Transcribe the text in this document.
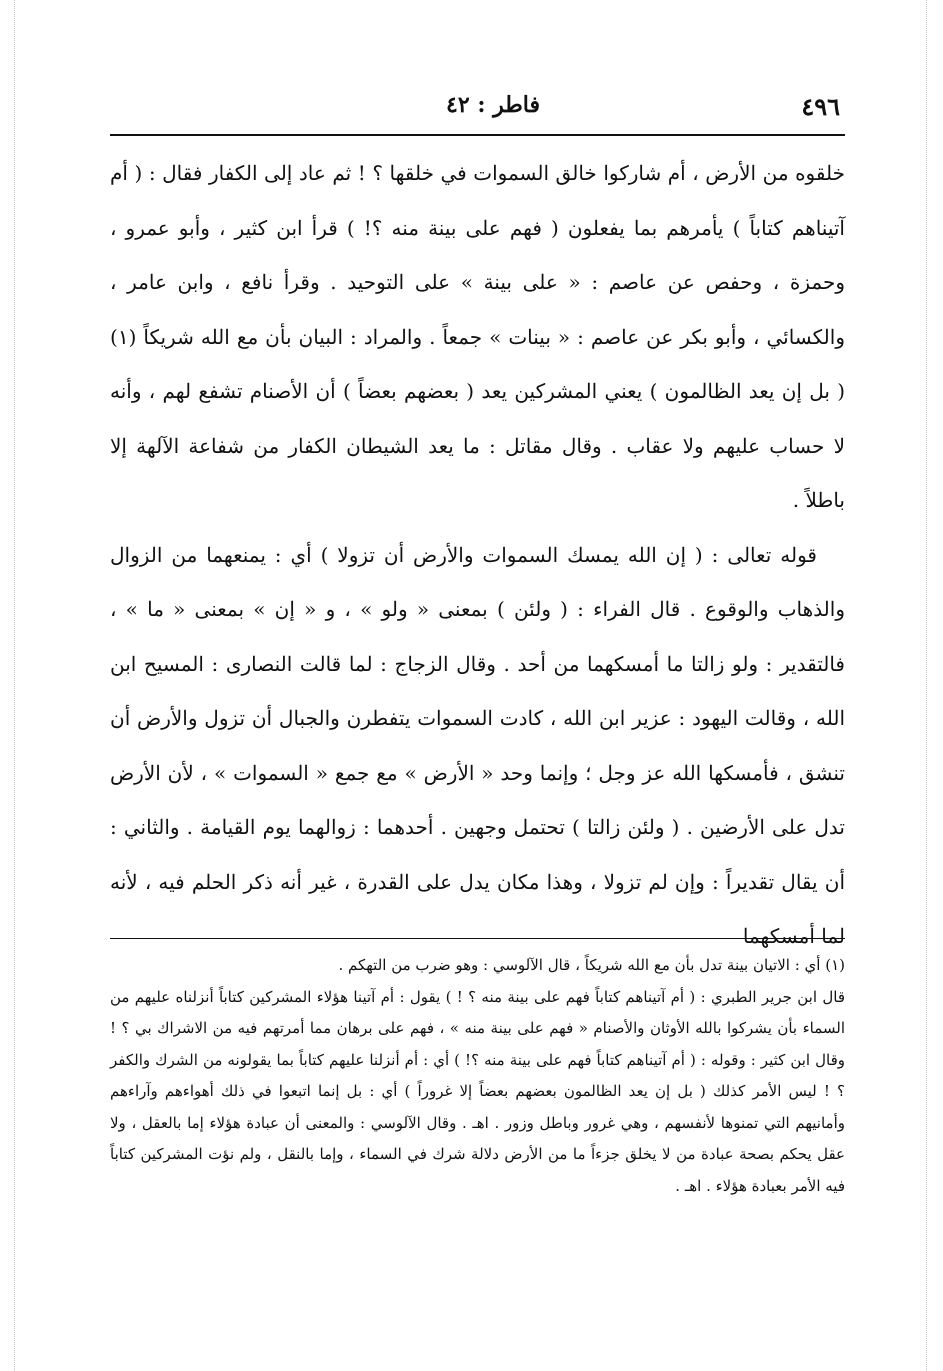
٤٩٦
فاطر : ٤٢

خلقوه من الأرض ، أم شاركوا خالق السموات في خلقها ؟ ! ثم عاد إلى الكفار فقال : ( أم آتيناهم كتاباً ) يأمرهم بما يفعلون ( فهم على بينة منه ؟! ) قرأ ابن كثير ، وأبو عمرو ، وحمزة ، وحفص عن عاصم : « على بينة » على التوحيد . وقرأ نافع ، وابن عامر ، والكسائي ، وأبو بكر عن عاصم : « بينات » جمعاً . والمراد : البيان بأن مع الله شريكاً (١) ( بل إن يعد الظالمون ) يعني المشركين يعد ( بعضهم بعضاً ) أن الأصنام تشفع لهم ، وأنه لا حساب عليهم ولا عقاب . وقال مقاتل : ما يعد الشيطان الكفار من شفاعة الآلهة إلا باطلاً .

قوله تعالى : ( إن الله يمسك السموات والأرض أن تزولا ) أي : يمنعهما من الزوال والذهاب والوقوع . قال الفراء : ( ولئن ) بمعنى « ولو » ، و « إن » بمعنى « ما » ، فالتقدير : ولو زالتا ما أمسكهما من أحد . وقال الزجاج : لما قالت النصارى : المسيح ابن الله ، وقالت اليهود : عزير ابن الله ، كادت السموات يتفطرن والجبال أن تزول والأرض أن تنشق ، فأمسكها الله عز وجل ؛ وإنما وحد « الأرض » مع جمع « السموات » ، لأن الأرض تدل على الأرضين . ( ولئن زالتا ) تحتمل وجهين . أحدهما : زوالهما يوم القيامة . والثاني : أن يقال تقديراً : وإن لم تزولا ، وهذا مكان يدل على القدرة ، غير أنه ذكر الحلم فيه ، لأنه لما أمسكهما

(١) أي : الاتيان بينة تدل بأن مع الله شريكاً ، قال الآلوسي : وهو ضرب من التهكم .

قال ابن جرير الطبري : ( أم آتيناهم كتاباً فهم على بينة منه ؟ ! ) يقول : أم آتينا هؤلاء المشركين كتاباً أنزلناه عليهم من السماء بأن يشركوا بالله الأوثان والأصنام « فهم على بينة منه » ، فهم على برهان مما أمرتهم فيه من الاشراك بي ؟ ! وقال ابن كثير : وقوله : ( أم آتيناهم كتاباً فهم على بينة منه ؟! ) أي : أم أنزلنا عليهم كتاباً بما يقولونه من الشرك والكفر ؟ ! ليس الأمر كذلك ( بل إن يعد الظالمون بعضهم بعضاً إلا غروراً ) أي : بل إنما اتبعوا في ذلك أهواءهم وآراءهم وأمانيهم التي تمنوها لأنفسهم ، وهي غرور وباطل وزور . اهـ . وقال الآلوسي : والمعنى أن عبادة هؤلاء إما بالعقل ، ولا عقل يحكم بصحة عبادة من لا يخلق جزءاً ما من الأرض دلالة شرك في السماء ، وإما بالنقل ، ولم نؤت المشركين كتاباً فيه الأمر بعبادة هؤلاء . اهـ .
